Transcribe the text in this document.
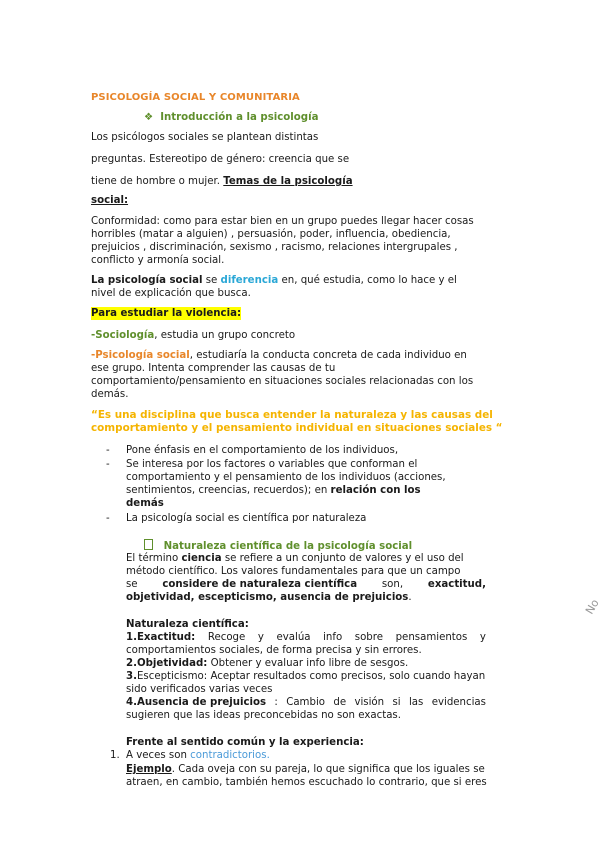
PSICOLOGÍA SOCIAL Y COMUNITARIA
❖ Introducción a la psicología
Los psicólogos sociales se plantean distintas
preguntas. Estereotipo de género: creencia que se
tiene de hombre o mujer. Temas de la psicología
social:
Conformidad: como para estar bien en un grupo puedes llegar hacer cosas
horribles (matar a alguien) , persuasión, poder, influencia, obediencia,
prejuicios , discriminación, sexismo , racismo, relaciones intergrupales ,
conflicto y armonía social.
La psicología social se diferencia en, qué estudia, como lo hace y el
nivel de explicación que busca.
Para estudiar la violencia:
-Sociología, estudia un grupo concreto
-Psicología social, estudiaría la conducta concreta de cada individuo en
ese grupo. Intenta comprender las causas de tu
comportamiento/pensamiento en situaciones sociales relacionadas con los
demás.
“Es una disciplina que busca entender la naturaleza y las causas del
comportamiento y el pensamiento individual en situaciones sociales “
- Pone énfasis en el comportamiento de los individuos,
- Se interesa por los factores o variables que conforman el
comportamiento y el pensamiento de los individuos (acciones,
sentimientos, creencias, recuerdos); en relación con los
demás
- La psicología social es científica por naturaleza
Naturaleza científica de la psicología social
El término ciencia se refiere a un conjunto de valores y el uso del
método científico. Los valores fundamentales para que un campo
se considere de naturaleza científica son, exactitud,
objetividad, escepticismo, ausencia de prejuicios.
Naturaleza científica:
1.Exactitud: Recoge y evalúa info sobre pensamientos y
comportamientos sociales, de forma precisa y sin errores.
2.Objetividad: Obtener y evaluar info libre de sesgos.
3.Escepticismo: Aceptar resultados como precisos, solo cuando hayan
sido verificados varias veces
4.Ausencia de prejuicios : Cambio de visión si las evidencias
sugieren que las ideas preconcebidas no son exactas.
Frente al sentido común y la experiencia:
1. A veces son contradictorios.
Ejemplo. Cada oveja con su pareja, lo que significa que los iguales se
atraen, en cambio, también hemos escuchado lo contrario, que si eres
No
